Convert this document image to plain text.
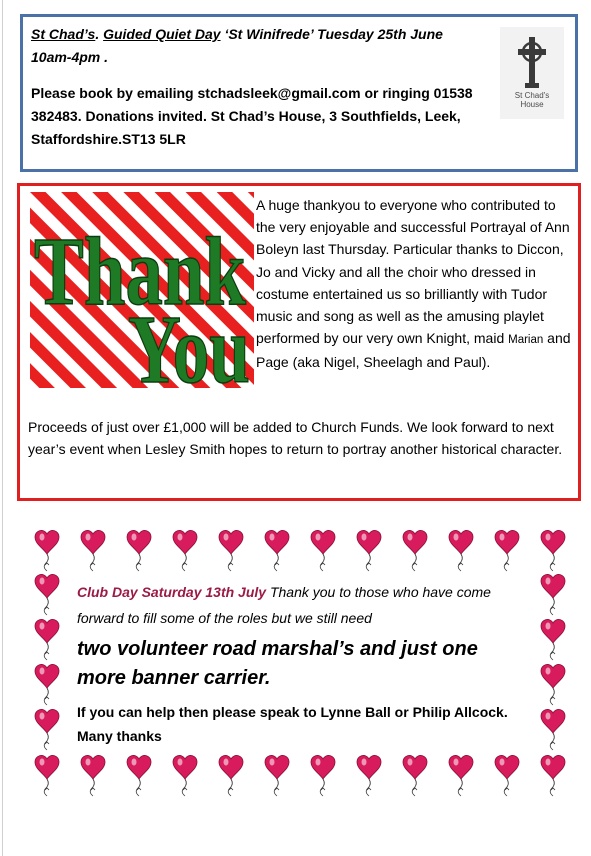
St Chad’s. Guided Quiet Day ‘St Winifrede’ Tuesday 25th June 10am-4pm .
Please book by emailing stchadsleek@gmail.com or ringing 01538 382483. Donations invited. St Chad’s House, 3 Southfields, Leek, Staffordshire.ST13 5LR
St Chad's
House
Thank
You
A huge thankyou to everyone who contributed to the very enjoyable and successful Portrayal of Ann Boleyn last Thursday. Particular thanks to Diccon, Jo and Vicky and all the choir who dressed in costume entertained us so brilliantly with Tudor music and song as well as the amusing playlet performed by our very own Knight, maid Marian and Page (aka Nigel, Sheelagh and Paul).
Proceeds of just over £1,000 will be added to Church Funds. We look forward to next year’s event when Lesley Smith hopes to return to portray another historical character.
Club Day Saturday 13th July Thank you to those who have come forward to fill some of the roles but we still need
two volunteer road marshal’s and just one more banner carrier.
If you can help then please speak to Lynne Ball or Philip Allcock. Many thanks
